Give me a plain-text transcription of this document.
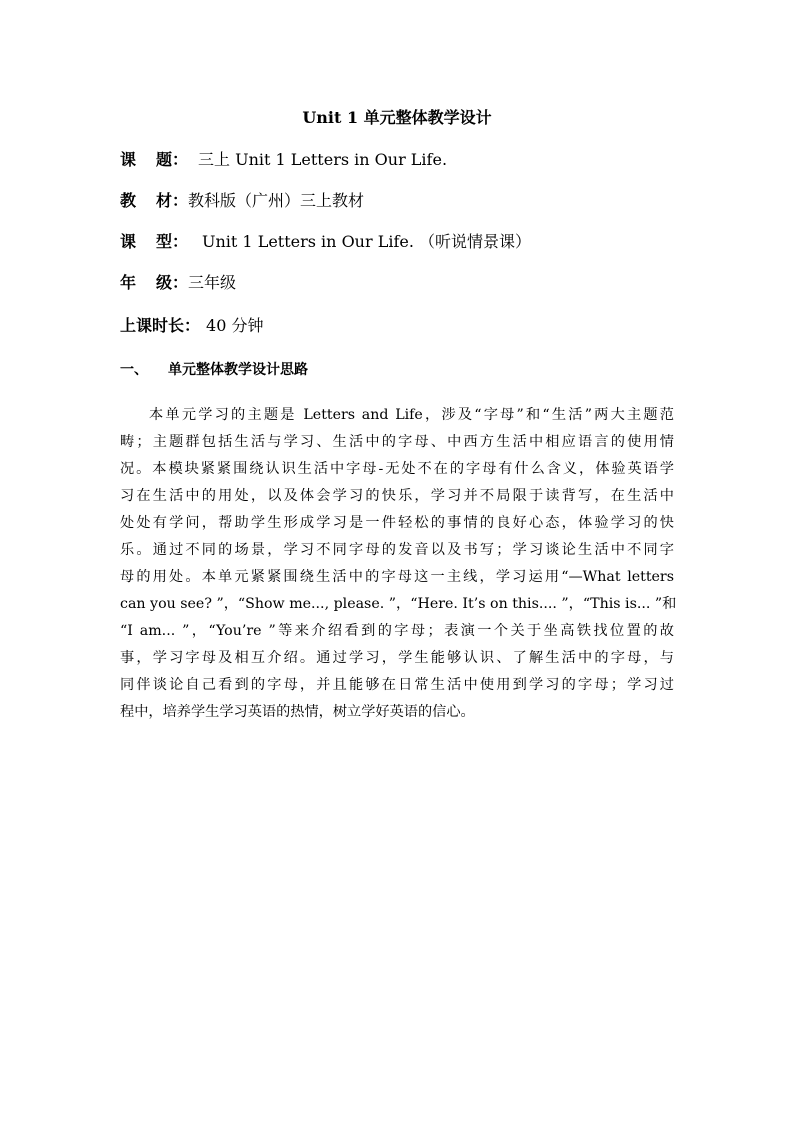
Unit 1 单元整体教学设计
课 题： 三上 Unit 1 Letters in Our Life.
教 材：教科版（广州）三上教材
课 型： Unit 1 Letters in Our Life. （听说情景课）
年 级：三年级
上课时长： 40 分钟
一、 单元整体教学设计思路
本单元学习的主题是 Letters and Life，涉及“字母”和“生活”两大主题范
畴；主题群包括生活与学习、生活中的字母、中西方生活中相应语言的使用情
况。本模块紧紧围绕认识生活中字母-无处不在的字母有什么含义，体验英语学
习在生活中的用处，以及体会学习的快乐，学习并不局限于读背写，在生活中
处处有学问，帮助学生形成学习是一件轻松的事情的良好心态，体验学习的快
乐。通过不同的场景，学习不同字母的发音以及书写；学习谈论生活中不同字
母的用处。本单元紧紧围绕生活中的字母这一主线，学习运用“—What letters
can you see? ”，“Show me..., please. ”，“Here. It’s on this.... ”，“This is... ”和
“I am... ”，“You’re ”等来介绍看到的字母；表演一个关于坐高铁找位置的故
事，学习字母及相互介绍。通过学习，学生能够认识、了解生活中的字母，与
同伴谈论自己看到的字母，并且能够在日常生活中使用到学习的字母；学习过
程中，培养学生学习英语的热情，树立学好英语的信心。
